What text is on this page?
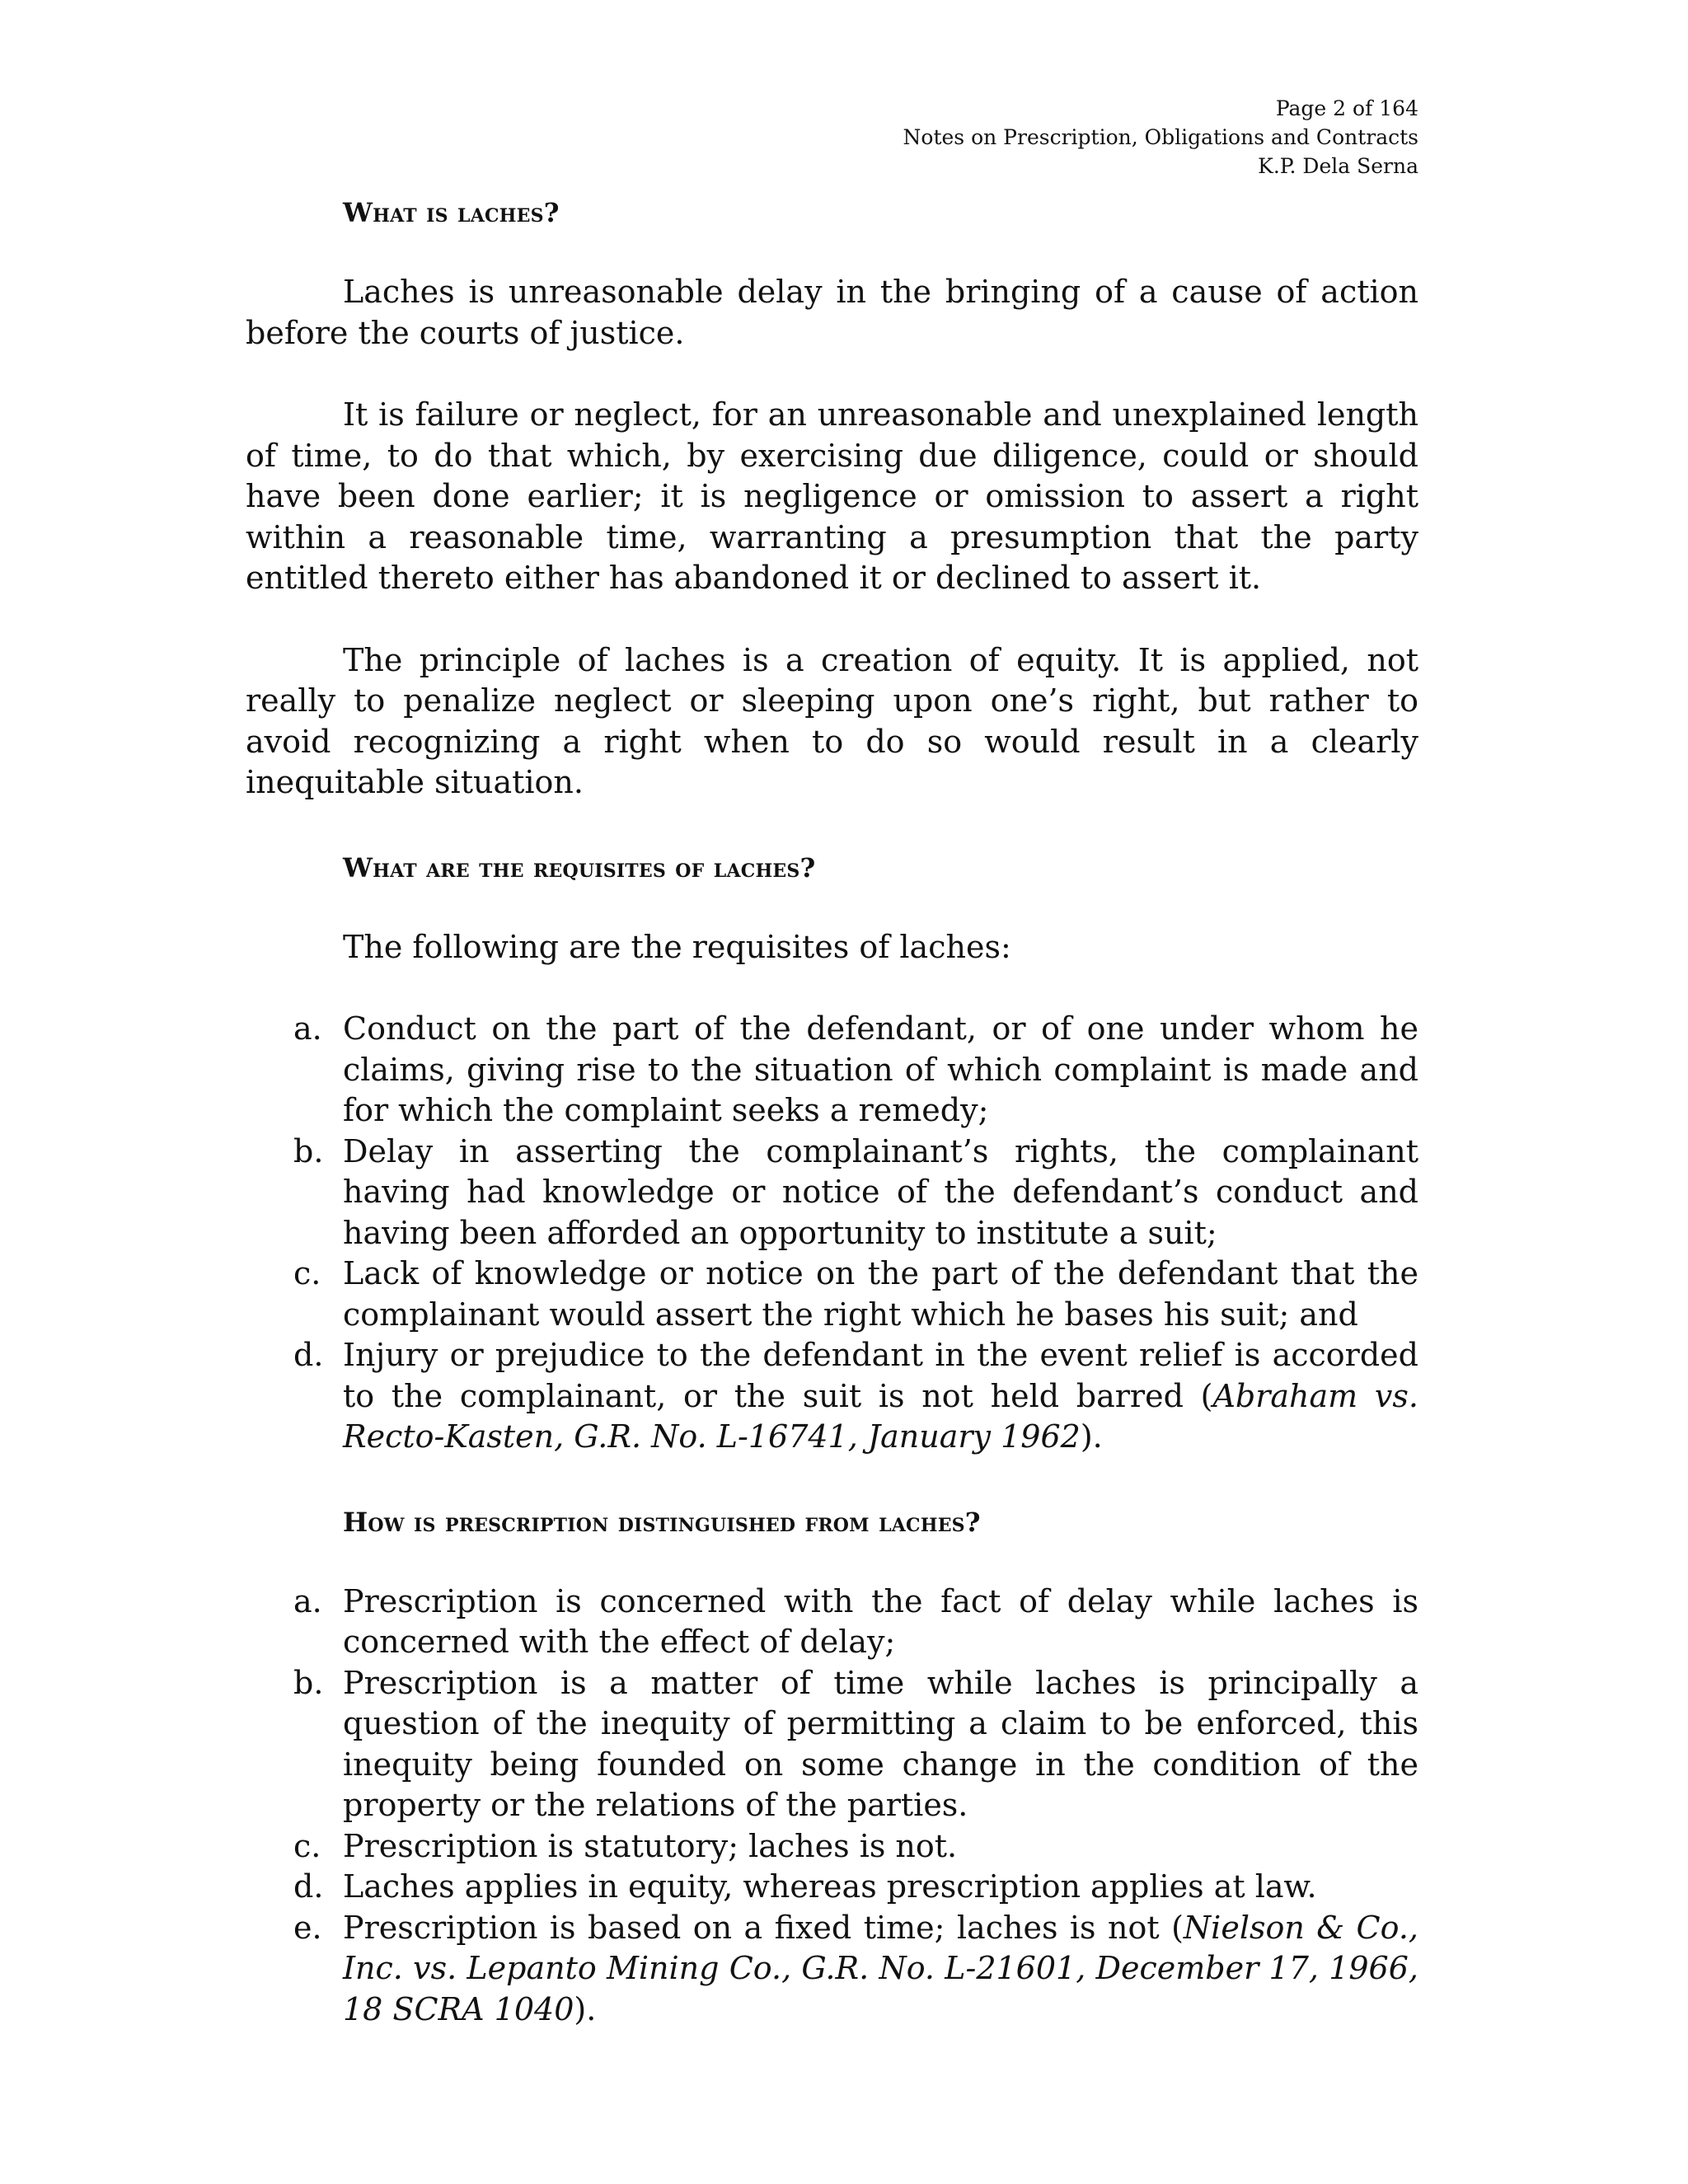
Page 2 of 164
Notes on Prescription, Obligations and Contracts
K.P. Dela Serna
What is laches?

Laches is unreasonable delay in the bringing of a cause of action before the courts of justice.

It is failure or neglect, for an unreasonable and unexplained length of time, to do that which, by exercising due diligence, could or should have been done earlier; it is negligence or omission to assert a right within a reasonable time, warranting a presumption that the party entitled thereto either has abandoned it or declined to assert it.

The principle of laches is a creation of equity. It is applied, not really to penalize neglect or sleeping upon one’s right, but rather to avoid recognizing a right when to do so would result in a clearly inequitable situation.

What are the requisites of laches?

The following are the requisites of laches:

a. Conduct on the part of the defendant, or of one under whom he claims, giving rise to the situation of which complaint is made and for which the complaint seeks a remedy;
b. Delay in asserting the complainant’s rights, the complainant having had knowledge or notice of the defendant’s conduct and having been afforded an opportunity to institute a suit;
c. Lack of knowledge or notice on the part of the defendant that the complainant would assert the right which he bases his suit; and
d. Injury or prejudice to the defendant in the event relief is accorded to the complainant, or the suit is not held barred (Abraham vs. Recto-Kasten, G.R. No. L-16741, January 1962).
How is prescription distinguished from laches?
a. Prescription is concerned with the fact of delay while laches is concerned with the effect of delay;
b. Prescription is a matter of time while laches is principally a question of the inequity of permitting a claim to be enforced, this inequity being founded on some change in the condition of the property or the relations of the parties.
c. Prescription is statutory; laches is not.
d. Laches applies in equity, whereas prescription applies at law.
e. Prescription is based on a fixed time; laches is not (Nielson & Co., Inc. vs. Lepanto Mining Co., G.R. No. L-21601, December 17, 1966, 18 SCRA 1040).
